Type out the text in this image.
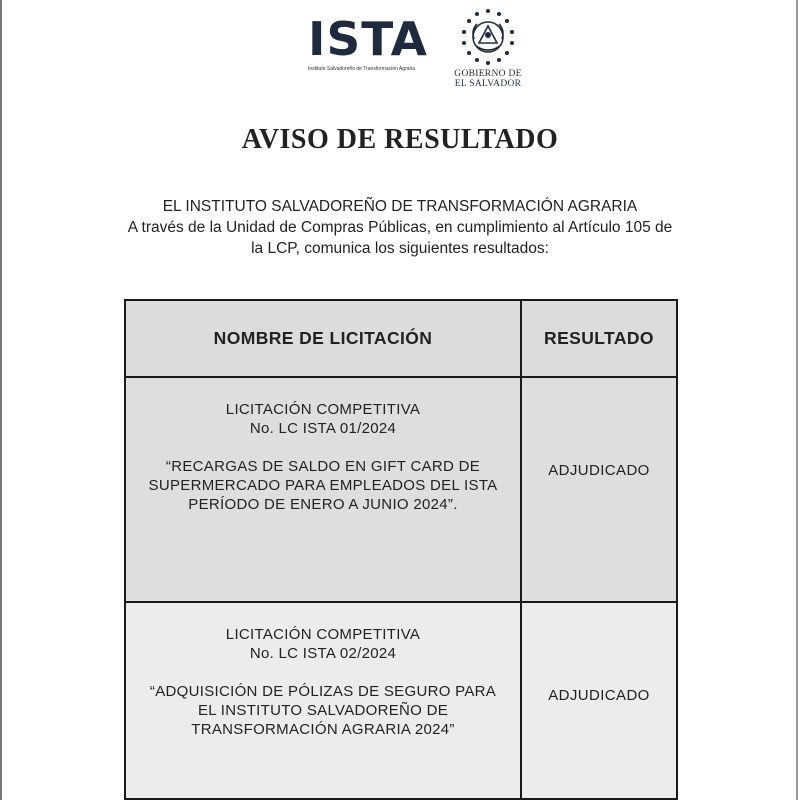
ISTA
Instituto Salvadoreño de Transformación Agraria	GOBIERNO DE
EL SALVADOR
AVISO DE RESULTADO
EL INSTITUTO SALVADOREÑO DE TRANSFORMACIÓN AGRARIA
A través de la Unidad de Compras Públicas, en cumplimiento al Artículo 105 de
la LCP, comunica los siguientes resultados:
NOMBRE DE LICITACIÓN	RESULTADO
LICITACIÓN COMPETITIVA
No. LC ISTA 01/2024
“RECARGAS DE SALDO EN GIFT CARD DE
SUPERMERCADO PARA EMPLEADOS DEL ISTA
PERÍODO DE ENERO A JUNIO 2024”.
ADJUDICADO
LICITACIÓN COMPETITIVA
No. LC ISTA 02/2024
“ADQUISICIÓN DE PÓLIZAS DE SEGURO PARA
EL INSTITUTO SALVADOREÑO DE
TRANSFORMACIÓN AGRARIA 2024”
ADJUDICADO
